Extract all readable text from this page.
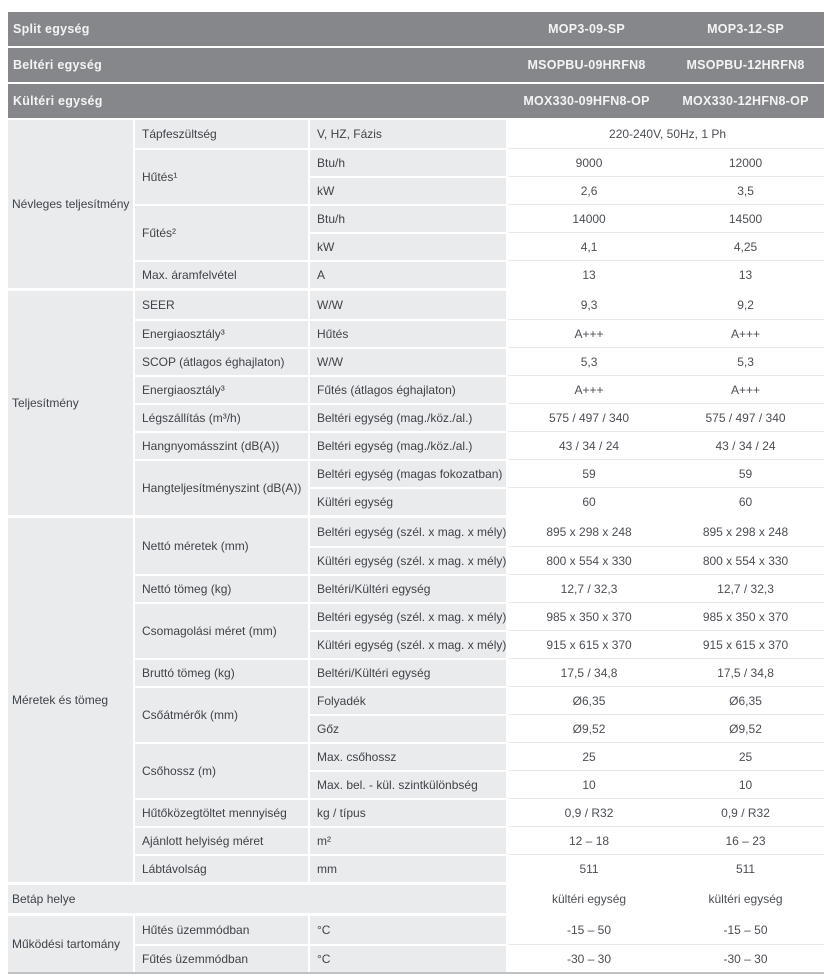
Split egység			MOP3-09-SP	MOP3-12-SP

Beltéri egység			MSOPBU-09HRFN8	MSOPBU-12HRFN8

Kültéri egység			MOX330-09HFN8-OP	MOX330-12HFN8-OP

Névleges teljesítmény	Tápfeszültség	V, HZ, Fázis	220-240V, 50Hz, 1 Ph	
	Hűtés¹	Btu/h	9000	12000
		kW	2,6	3,5
	Fűtés²	Btu/h	14000	14500
		kW	4,1	4,25
	Max. áramfelvétel	A	13	13

Teljesítmény	SEER	W/W	9,3	9,2
	Energiaosztály³	Hűtés	A+++	A+++
	SCOP (átlagos éghajlaton)	W/W	5,3	5,3
	Energiaosztály³	Fűtés (átlagos éghajlaton)	A+++	A+++
	Légszállítás (m³/h)	Beltéri egység (mag./köz./al.)	575 / 497 / 340	575 / 497 / 340
	Hangnyomásszint (dB(A))	Beltéri egység (mag./köz./al.)	43 / 34 / 24	43 / 34 / 24
	Hangteljesítményszint (dB(A))	Beltéri egység (magas fokozatban)	59	59
		Kültéri egység	60	60

Méretek és tömeg	Nettó méretek (mm)	Beltéri egység (szél. x mag. x mély)	895 x 298 x 248	895 x 298 x 248
		Kültéri egység (szél. x mag. x mély)	800 x 554 x 330	800 x 554 x 330
	Nettó tömeg (kg)	Beltéri/Kültéri egység	12,7 / 32,3	12,7 / 32,3
	Csomagolási méret (mm)	Beltéri egység (szél. x mag. x mély)	985 x 350 x 370	985 x 350 x 370
		Kültéri egység (szél. x mag. x mély)	915 x 615 x 370	915 x 615 x 370
	Bruttó tömeg (kg)	Beltéri/Kültéri egység	17,5 / 34,8	17,5 / 34,8
	Csőátmérők (mm)	Folyadék	Ø6,35	Ø6,35
		Gőz	Ø9,52	Ø9,52
	Csőhossz (m)	Max. csőhossz	25	25
		Max. bel. - kül. szintkülönbség	10	10
	Hűtőközegtöltet mennyiség	kg / típus	0,9 / R32	0,9 / R32
	Ajánlott helyiség méret	m²	12 – 18	16 – 23
	Lábtávolság	mm	511	511

Betáp helye			kültéri egység	kültéri egység

Működési tartomány	Hűtés üzemmódban	°C	-15 – 50	-15 – 50
	Fűtés üzemmódban	°C	-30 – 30	-30 – 30
